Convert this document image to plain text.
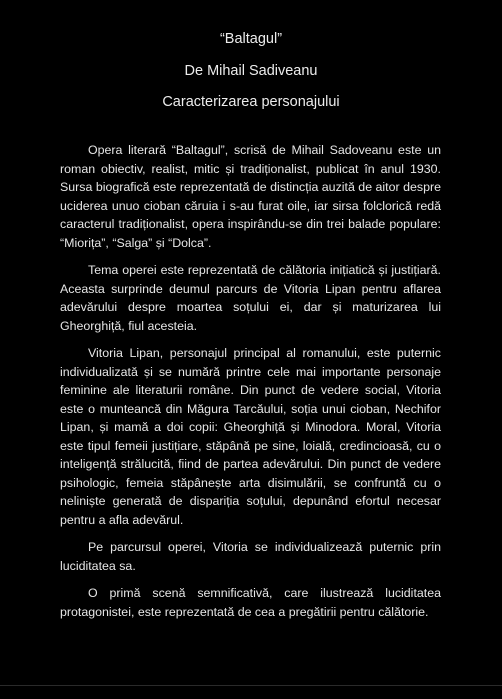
“Baltagul”
De Mihail Sadiveanu
Caracterizarea personajului

Opera literară “Baltagul”, scrisă de Mihail Sadoveanu este un roman obiectiv, realist, mitic și tradiționalist, publicat în anul 1930. Sursa biografică este reprezentată de distincția auzită de aitor despre uciderea unuo cioban căruia i s-au furat oile, iar sirsa folclorică redă caracterul tradiționalist, opera inspirându-se din trei balade populare: “Miorița”, “Salga” și “Dolca”.

Tema operei este reprezentată de călătoria inițiatică și justițiară. Aceasta surprinde deumul parcurs de Vitoria Lipan pentru aflarea adevărului despre moartea soțului ei, dar și maturizarea lui Gheorghiță, fiul acesteia.

Vitoria Lipan, personajul principal al romanului, este puternic individualizată și se numără printre cele mai importante personaje feminine ale literaturii române. Din punct de vedere social, Vitoria este o munteancă din Măgura Tarcăului, soția unui cioban, Nechifor Lipan, și mamă a doi copii: Gheorghiță și Minodora. Moral, Vitoria este tipul femeii justițiare, stăpână pe sine, loială, credincioasă, cu o inteligență strălucită, fiind de partea adevărului. Din punct de vedere psihologic, femeia stăpânește arta disimulării, se confruntă cu o neliniște generată de dispariția soțului, depunând efortul necesar pentru a afla adevărul.

Pe parcursul operei, Vitoria se individualizează puternic prin luciditatea sa.

O primă scenă semnificativă, care ilustrează luciditatea protagonistei, este reprezentată de cea a pregătirii pentru călătorie.
